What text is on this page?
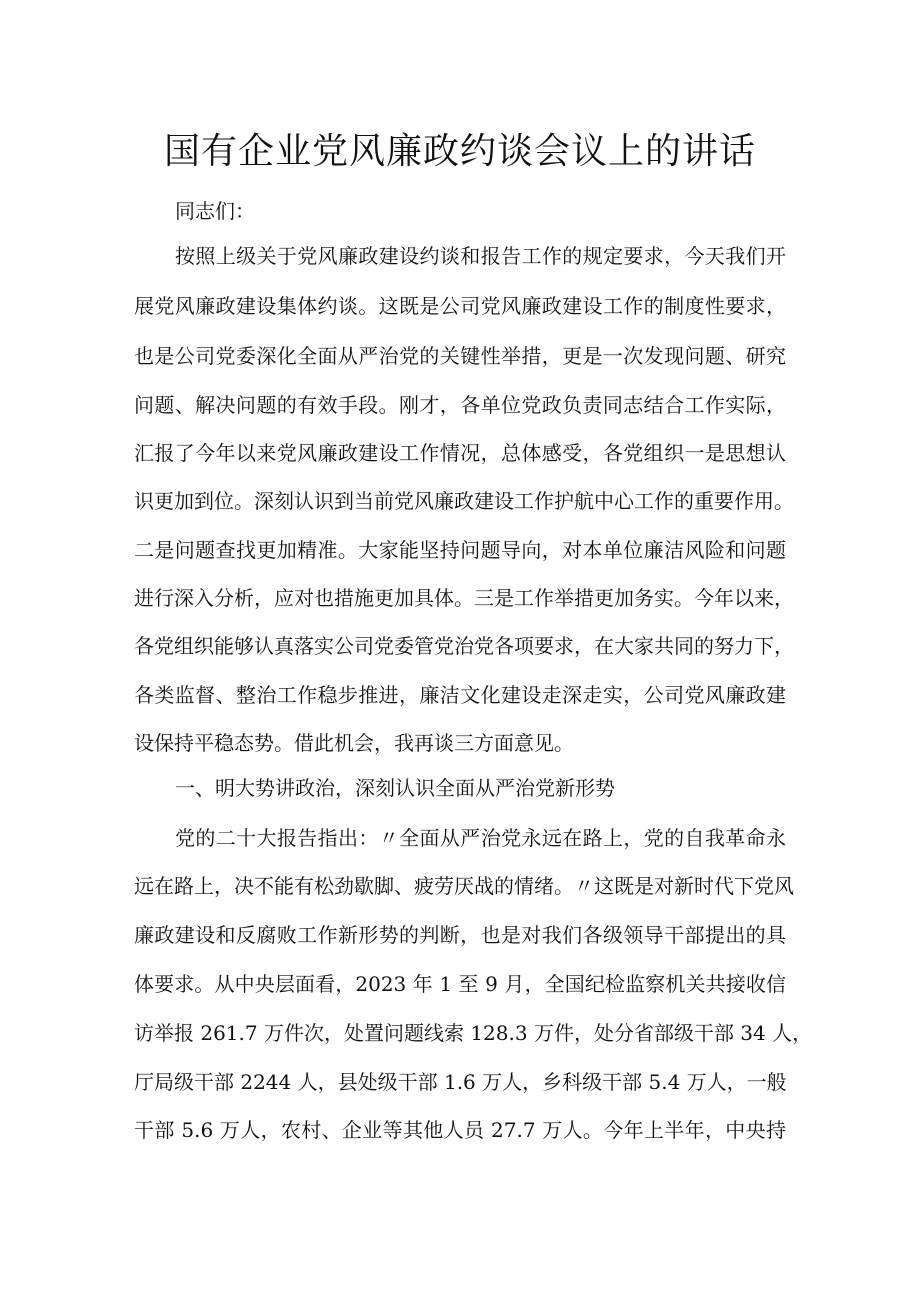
国有企业党风廉政约谈会议上的讲话

同志们：

按照上级关于党风廉政建设约谈和报告工作的规定要求，今天我们开
展党风廉政建设集体约谈。这既是公司党风廉政建设工作的制度性要求，
也是公司党委深化全面从严治党的关键性举措，更是一次发现问题、研究
问题、解决问题的有效手段。刚才，各单位党政负责同志结合工作实际，
汇报了今年以来党风廉政建设工作情况，总体感受，各党组织一是思想认
识更加到位。深刻认识到当前党风廉政建设工作护航中心工作的重要作用。
二是问题查找更加精准。大家能坚持问题导向，对本单位廉洁风险和问题
进行深入分析，应对也措施更加具体。三是工作举措更加务实。今年以来，
各党组织能够认真落实公司党委管党治党各项要求，在大家共同的努力下，
各类监督、整治工作稳步推进，廉洁文化建设走深走实，公司党风廉政建
设保持平稳态势。借此机会，我再谈三方面意见。
一、明大势讲政治，深刻认识全面从严治党新形势
党的二十大报告指出：〃全面从严治党永远在路上，党的自我革命永
远在路上，决不能有松劲歇脚、疲劳厌战的情绪。〃这既是对新时代下党风
廉政建设和反腐败工作新形势的判断，也是对我们各级领导干部提出的具
体要求。从中央层面看，2023 年 1 至 9 月，全国纪检监察机关共接收信
访举报 261.7 万件次，处置问题线索 128.3 万件，处分省部级干部 34 人，
厅局级干部 2244 人，县处级干部 1.6 万人，乡科级干部 5.4 万人，一般
干部 5.6 万人，农村、企业等其他人员 27.7 万人。今年上半年，中央持
